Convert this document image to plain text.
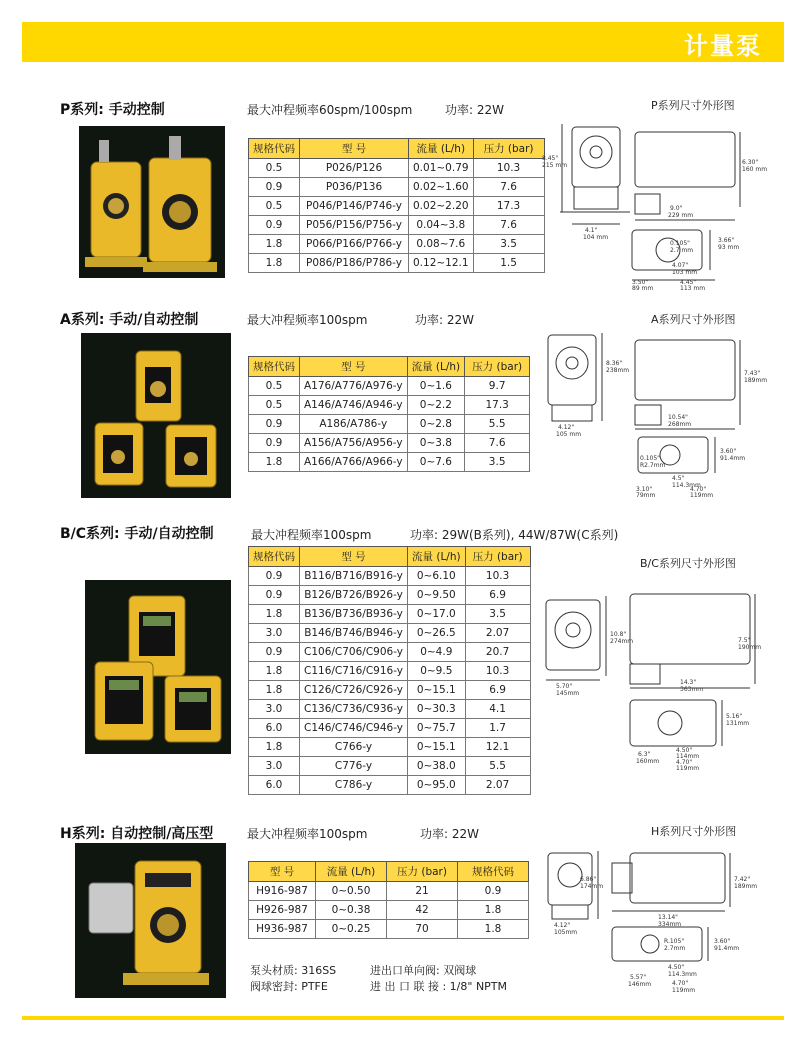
计量泵
P系列: 手动控制	最大冲程频率60spm/100spm	功率: 22W	P系列尺寸外形图
规格代码	型 号	流量 (L/h)	压力 (bar)
0.5	P026/P126	0.01~0.79	10.3
0.9	P036/P136	0.02~1.60	7.6
0.5	P046/P146/P746-y	0.02~2.20	17.3
0.9	P056/P156/P756-y	0.04~3.8	7.6
1.8	P066/P166/P766-y	0.08~7.6	3.5
1.8	P086/P186/P786-y	0.12~12.1	1.5
8.45"
215 mm
4.1"
104 mm
6.30"
160 mm
9.0"
229 mm
3.66"
93 mm
0.105"
2.7 mm
4.07"
103 mm
3.50"
89 mm
4.45"
113 mm
A系列: 手动/自动控制	最大冲程频率100spm	功率: 22W	A系列尺寸外形图
规格代码	型 号	流量 (L/h)	压力 (bar)
0.5	A176/A776/A976-y	0~1.6	9.7
0.5	A146/A746/A946-y	0~2.2	17.3
0.9	A186/A786-y	0~2.8	5.5
0.9	A156/A756/A956-y	0~3.8	7.6
1.8	A166/A766/A966-y	0~7.6	3.5
8.36"
238mm
4.12"
105 mm
7.43"
189mm
10.54"
268mm
3.60"
91.4mm
0.105"
R2.7mm
4.5"
114.3mm
3.10"
79mm
4.70"
119mm
B/C系列: 手动/自动控制	最大冲程频率100spm	功率: 29W(B系列), 44W/87W(C系列)
B/C系列尺寸外形图
规格代码	型 号	流量 (L/h)	压力 (bar)
0.9	B116/B716/B916-y	0~6.10	10.3
0.9	B126/B726/B926-y	0~9.50	6.9
1.8	B136/B736/B936-y	0~17.0	3.5
3.0	B146/B746/B946-y	0~26.5	2.07
0.9	C106/C706/C906-y	0~4.9	20.7
1.8	C116/C716/C916-y	0~9.5	10.3
1.8	C126/C726/C926-y	0~15.1	6.9
3.0	C136/C736/C936-y	0~30.3	4.1
6.0	C146/C746/C946-y	0~75.7	1.7
1.8	C766-y	0~15.1	12.1
3.0	C776-y	0~38.0	5.5
6.0	C786-y	0~95.0	2.07
10.8"
274mm
5.70"
145mm
7.5"
190mm
14.3"
363mm
5.16"
131mm
6.3"
160mm
4.50"
114mm
4.70"
119mm
H系列: 自动控制/高压型	最大冲程频率100spm	功率: 22W	H系列尺寸外形图
型 号	流量 (L/h)	压力 (bar)	规格代码
H916-987	0~0.50	21	0.9
H926-987	0~0.38	42	1.8
H936-987	0~0.25	70	1.8
泵头材质: 316SS	进出口单向阀: 双阀球
阀球密封: PTFE	进 出 口 联 接 : 1/8" NPTM
6.86"
174mm
4.12"
105mm
7.42"
189mm
13.14"
334mm
R.105"
2.7mm
3.60"
91.4mm
4.50"
114.3mm
5.57"
146mm	4.70"
119mm
